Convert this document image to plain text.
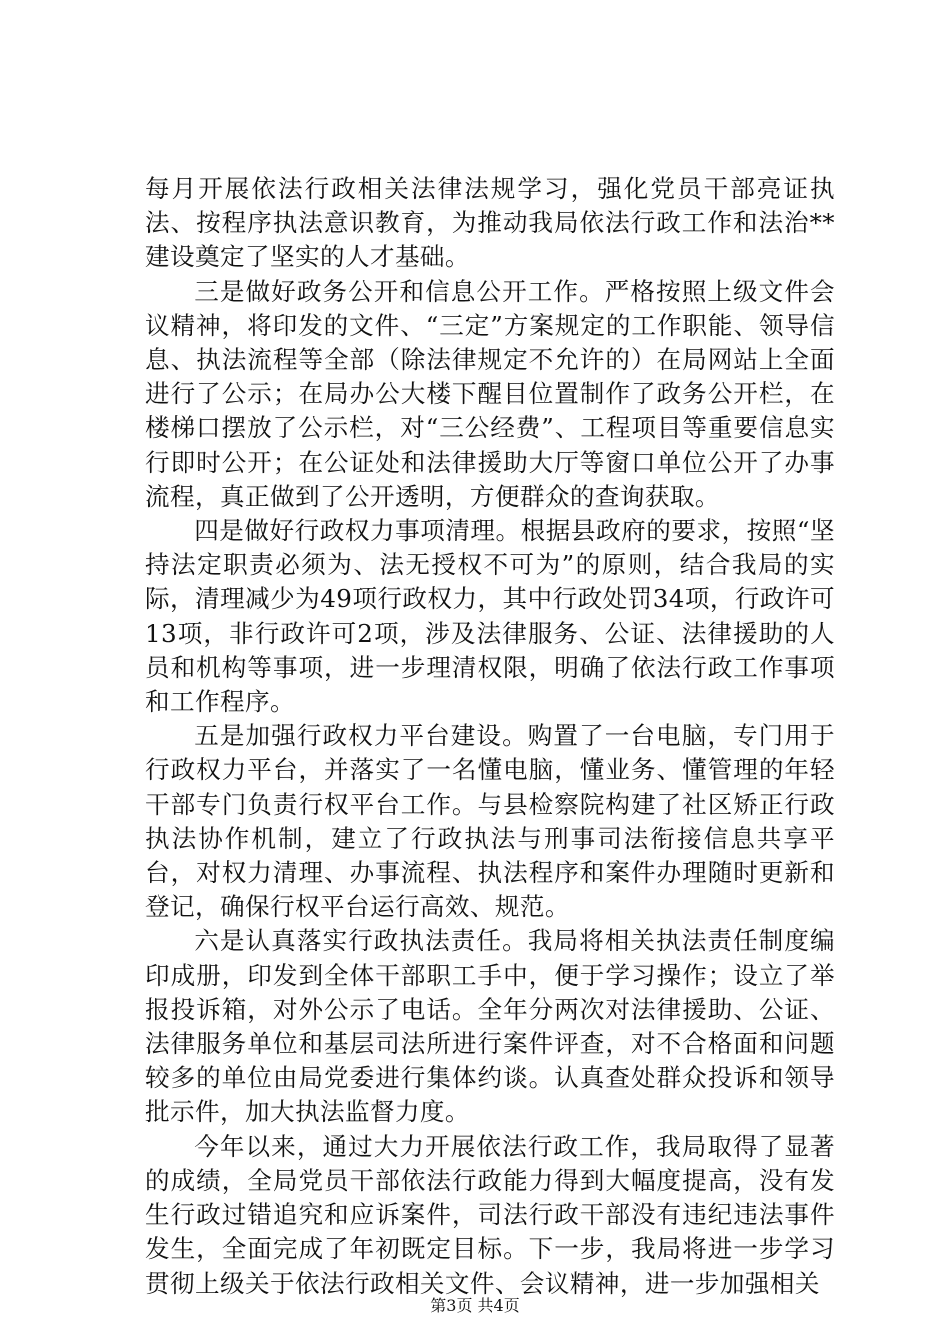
每月开展依法行政相关法律法规学习，强化党员干部亮证执法、按程序执法意识教育，为推动我局依法行政工作和法治**建设奠定了坚实的人才基础。

三是做好政务公开和信息公开工作。严格按照上级文件会议精神，将印发的文件、“三定”方案规定的工作职能、领导信息、执法流程等全部（除法律规定不允许的）在局网站上全面进行了公示；在局办公大楼下醒目位置制作了政务公开栏，在楼梯口摆放了公示栏，对“三公经费”、工程项目等重要信息实行即时公开；在公证处和法律援助大厅等窗口单位公开了办事流程，真正做到了公开透明，方便群众的查询获取。

四是做好行政权力事项清理。根据县政府的要求，按照“坚持法定职责必须为、法无授权不可为”的原则，结合我局的实际，清理减少为49项行政权力，其中行政处罚34项，行政许可13项，非行政许可2项，涉及法律服务、公证、法律援助的人员和机构等事项，进一步理清权限，明确了依法行政工作事项和工作程序。

五是加强行政权力平台建设。购置了一台电脑，专门用于行政权力平台，并落实了一名懂电脑，懂业务、懂管理的年轻干部专门负责行权平台工作。与县检察院构建了社区矫正行政执法协作机制，建立了行政执法与刑事司法衔接信息共享平台，对权力清理、办事流程、执法程序和案件办理随时更新和登记，确保行权平台运行高效、规范。

六是认真落实行政执法责任。我局将相关执法责任制度编印成册，印发到全体干部职工手中，便于学习操作；设立了举报投诉箱，对外公示了电话。全年分两次对法律援助、公证、法律服务单位和基层司法所进行案件评查，对不合格面和问题较多的单位由局党委进行集体约谈。认真查处群众投诉和领导批示件，加大执法监督力度。

今年以来，通过大力开展依法行政工作，我局取得了显著的成绩，全局党员干部依法行政能力得到大幅度提高，没有发生行政过错追究和应诉案件，司法行政干部没有违纪违法事件发生，全面完成了年初既定目标。下一步，我局将进一步学习贯彻上级关于依法行政相关文件、会议精神，进一步加强相关

第3页 共4页
